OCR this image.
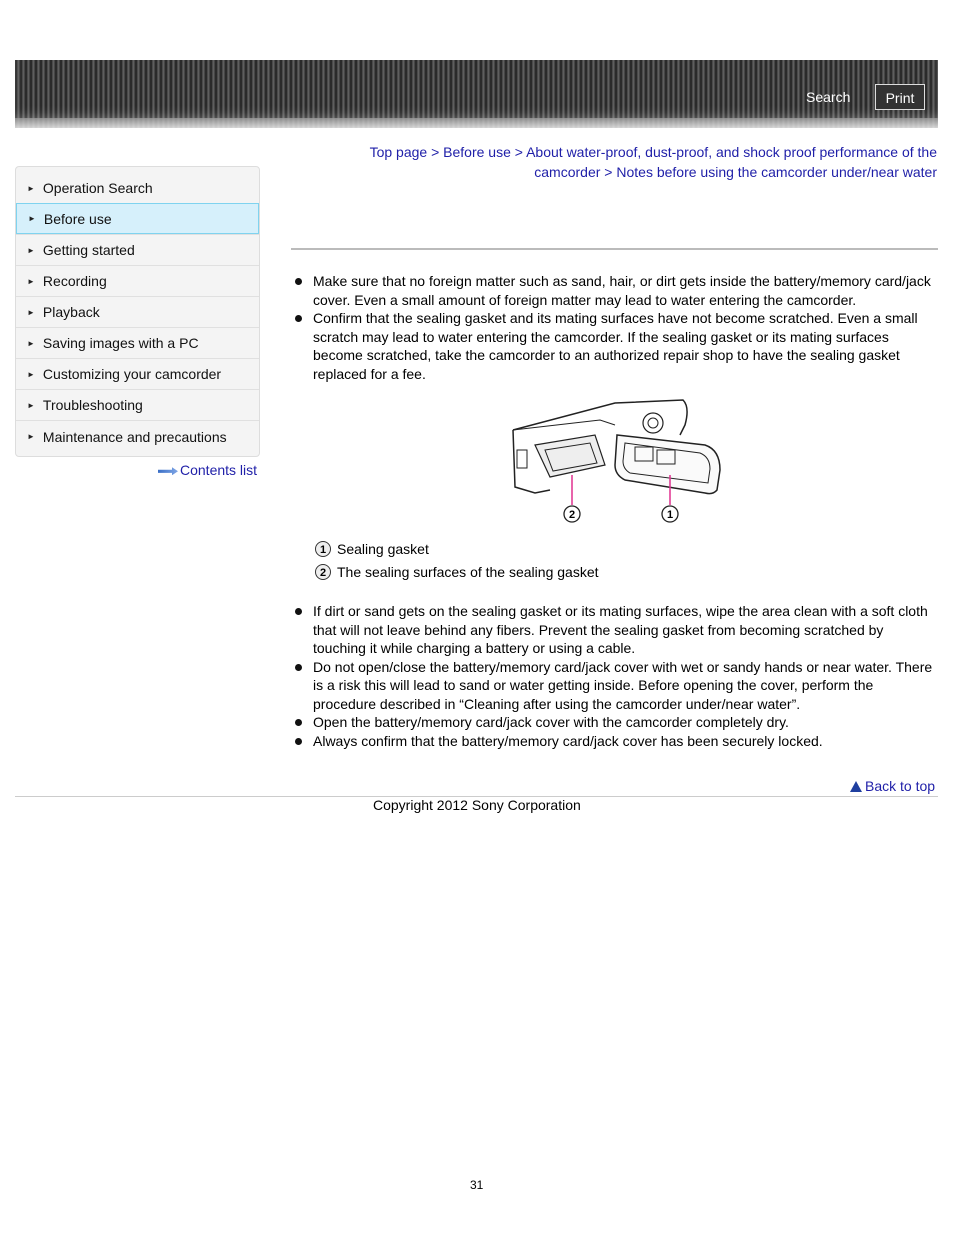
Search	Print
Top page > Before use > About water-proof, dust-proof, and shock proof performance of the camcorder > Notes before using the camcorder under/near water
► Operation Search
► Before use
► Getting started
► Recording
► Playback
► Saving images with a PC
► Customizing your camcorder
► Troubleshooting
► Maintenance and precautions
Contents list
Make sure that no foreign matter such as sand, hair, or dirt gets inside the battery/memory card/jack cover. Even a small amount of foreign matter may lead to water entering the camcorder.
Confirm that the sealing gasket and its mating surfaces have not become scratched. Even a small scratch may lead to water entering the camcorder. If the sealing gasket or its mating surfaces become scratched, take the camcorder to an authorized repair shop to have the sealing gasket replaced for a fee.
2	1
1 Sealing gasket
2 The sealing surfaces of the sealing gasket
If dirt or sand gets on the sealing gasket or its mating surfaces, wipe the area clean with a soft cloth that will not leave behind any fibers. Prevent the sealing gasket from becoming scratched by touching it while charging a battery or using a cable.
Do not open/close the battery/memory card/jack cover with wet or sandy hands or near water. There is a risk this will lead to sand or water getting inside. Before opening the cover, perform the procedure described in “Cleaning after using the camcorder under/near water”.
Open the battery/memory card/jack cover with the camcorder completely dry.
Always confirm that the battery/memory card/jack cover has been securely locked.
Back to top
Copyright 2012 Sony Corporation
31
